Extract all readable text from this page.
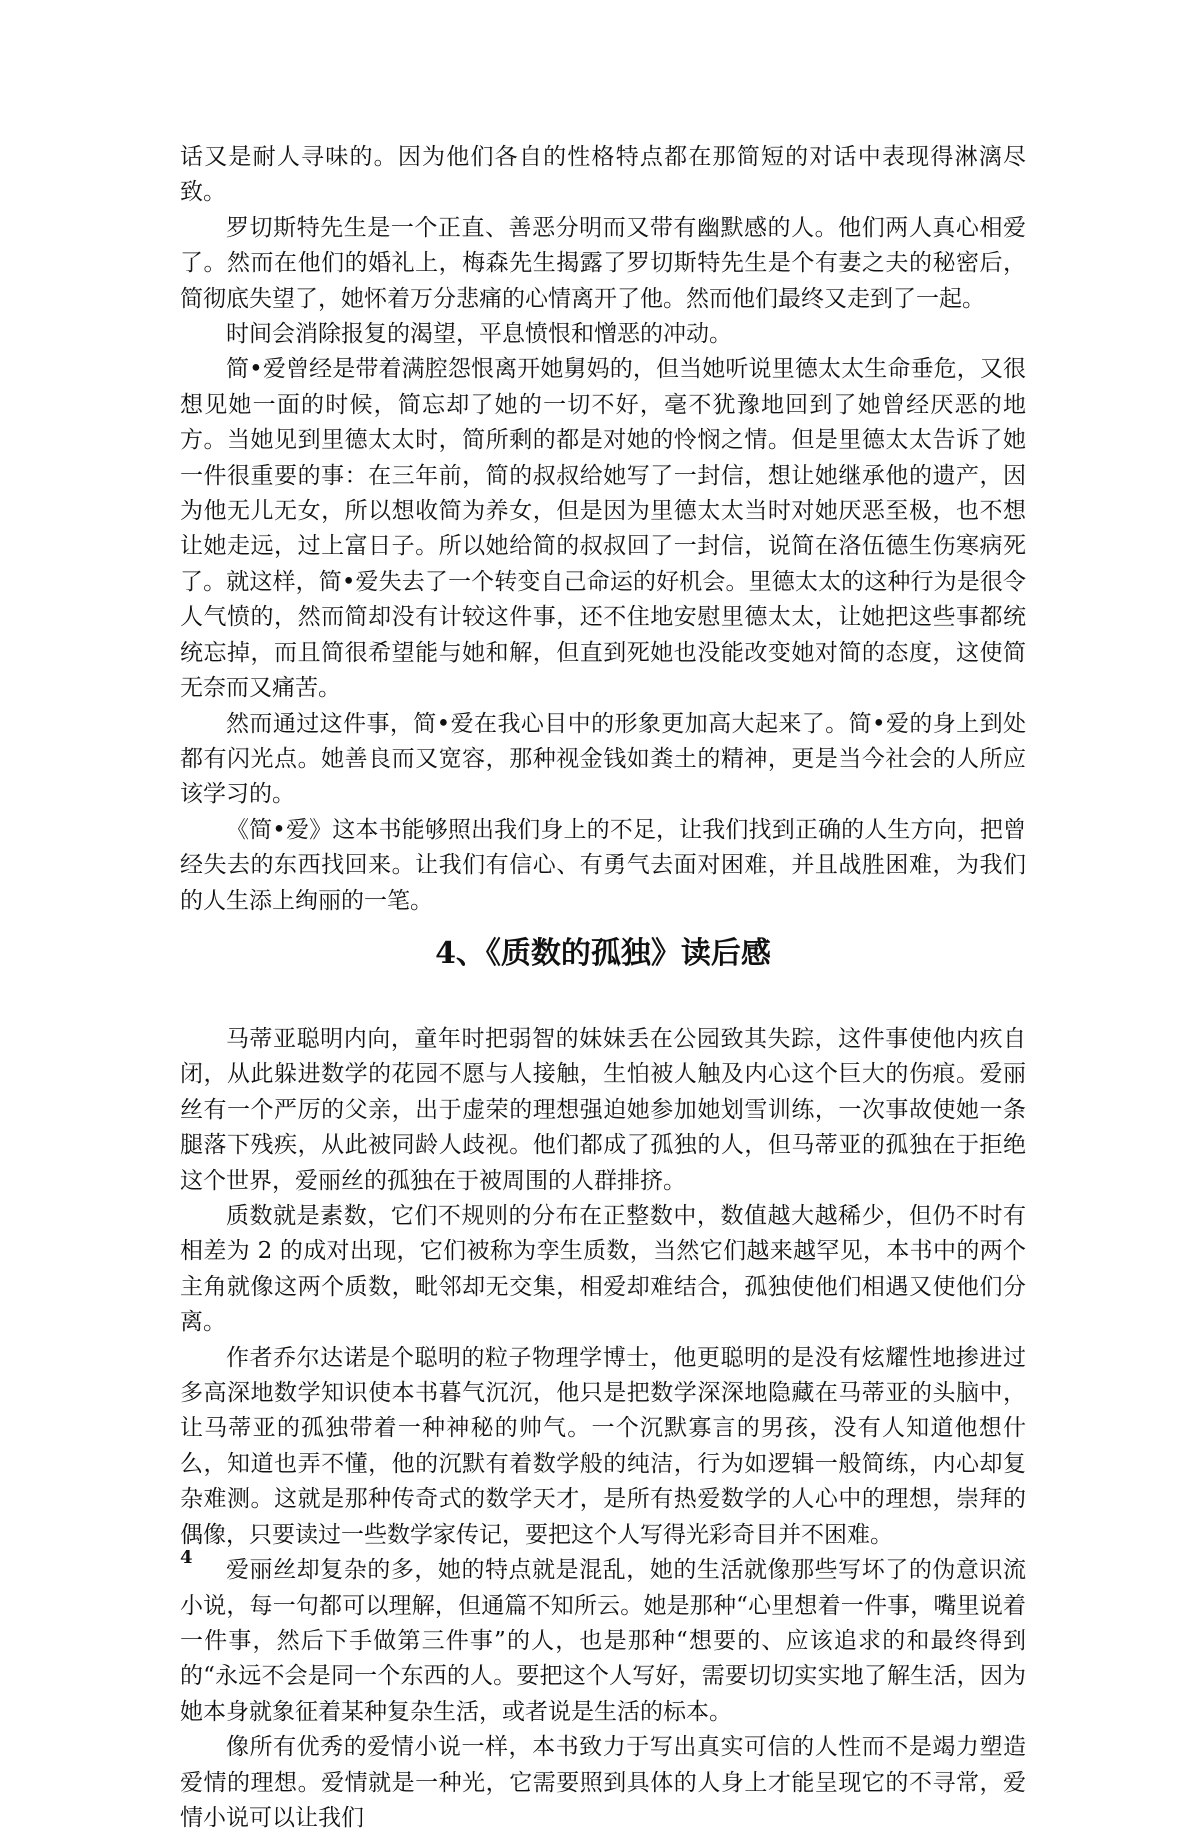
话又是耐人寻味的。因为他们各自的性格特点都在那简短的对话中表现得淋漓尽致。

罗切斯特先生是一个正直、善恶分明而又带有幽默感的人。他们两人真心相爱了。然而在他们的婚礼上，梅森先生揭露了罗切斯特先生是个有妻之夫的秘密后，简彻底失望了，她怀着万分悲痛的心情离开了他。然而他们最终又走到了一起。

时间会消除报复的渴望，平息愤恨和憎恶的冲动。

简•爱曾经是带着满腔怨恨离开她舅妈的，但当她听说里德太太生命垂危，又很想见她一面的时候，简忘却了她的一切不好，毫不犹豫地回到了她曾经厌恶的地方。当她见到里德太太时，简所剩的都是对她的怜悯之情。但是里德太太告诉了她一件很重要的事：在三年前，简的叔叔给她写了一封信，想让她继承他的遗产，因为他无儿无女，所以想收简为养女，但是因为里德太太当时对她厌恶至极，也不想让她走远，过上富日子。所以她给简的叔叔回了一封信，说简在洛伍德生伤寒病死了。就这样，简•爱失去了一个转变自己命运的好机会。里德太太的这种行为是很令人气愤的，然而简却没有计较这件事，还不住地安慰里德太太，让她把这些事都统统忘掉，而且简很希望能与她和解，但直到死她也没能改变她对简的态度，这使简无奈而又痛苦。

然而通过这件事，简•爱在我心目中的形象更加高大起来了。简•爱的身上到处都有闪光点。她善良而又宽容，那种视金钱如粪土的精神，更是当今社会的人所应该学习的。

《简•爱》这本书能够照出我们身上的不足，让我们找到正确的人生方向，把曾经失去的东西找回来。让我们有信心、有勇气去面对困难，并且战胜困难，为我们的人生添上绚丽的一笔。

4、《质数的孤独》读后感

马蒂亚聪明内向，童年时把弱智的妹妹丢在公园致其失踪，这件事使他内疚自闭，从此躲进数学的花园不愿与人接触，生怕被人触及内心这个巨大的伤痕。爱丽丝有一个严厉的父亲，出于虚荣的理想强迫她参加她划雪训练，一次事故使她一条腿落下残疾，从此被同龄人歧视。他们都成了孤独的人，但马蒂亚的孤独在于拒绝这个世界，爱丽丝的孤独在于被周围的人群排挤。

质数就是素数，它们不规则的分布在正整数中，数值越大越稀少，但仍不时有相差为 2 的成对出现，它们被称为孪生质数，当然它们越来越罕见，本书中的两个主角就像这两个质数，毗邻却无交集，相爱却难结合，孤独使他们相遇又使他们分离。

作者乔尔达诺是个聪明的粒子物理学博士，他更聪明的是没有炫耀性地掺进过多高深地数学知识使本书暮气沉沉，他只是把数学深深地隐藏在马蒂亚的头脑中，让马蒂亚的孤独带着一种神秘的帅气。一个沉默寡言的男孩，没有人知道他想什么，知道也弄不懂，他的沉默有着数学般的纯洁，行为如逻辑一般简练，内心却复杂难测。这就是那种传奇式的数学天才，是所有热爱数学的人心中的理想，崇拜的偶像，只要读过一些数学家传记，要把这个人写得光彩奇目并不困难。

爱丽丝却复杂的多，她的特点就是混乱，她的生活就像那些写坏了的伪意识流小说，每一句都可以理解，但通篇不知所云。她是那种“心里想着一件事，嘴里说着一件事，然后下手做第三件事”的人，也是那种“想要的、应该追求的和最终得到的“永远不会是同一个东西的人。要把这个人写好，需要切切实实地了解生活，因为她本身就象征着某种复杂生活，或者说是生活的标本。

像所有优秀的爱情小说一样，本书致力于写出真实可信的人性而不是竭力塑造爱情的理想。爱情就是一种光，它需要照到具体的人身上才能呈现它的不寻常，爱情小说可以让我们

4
